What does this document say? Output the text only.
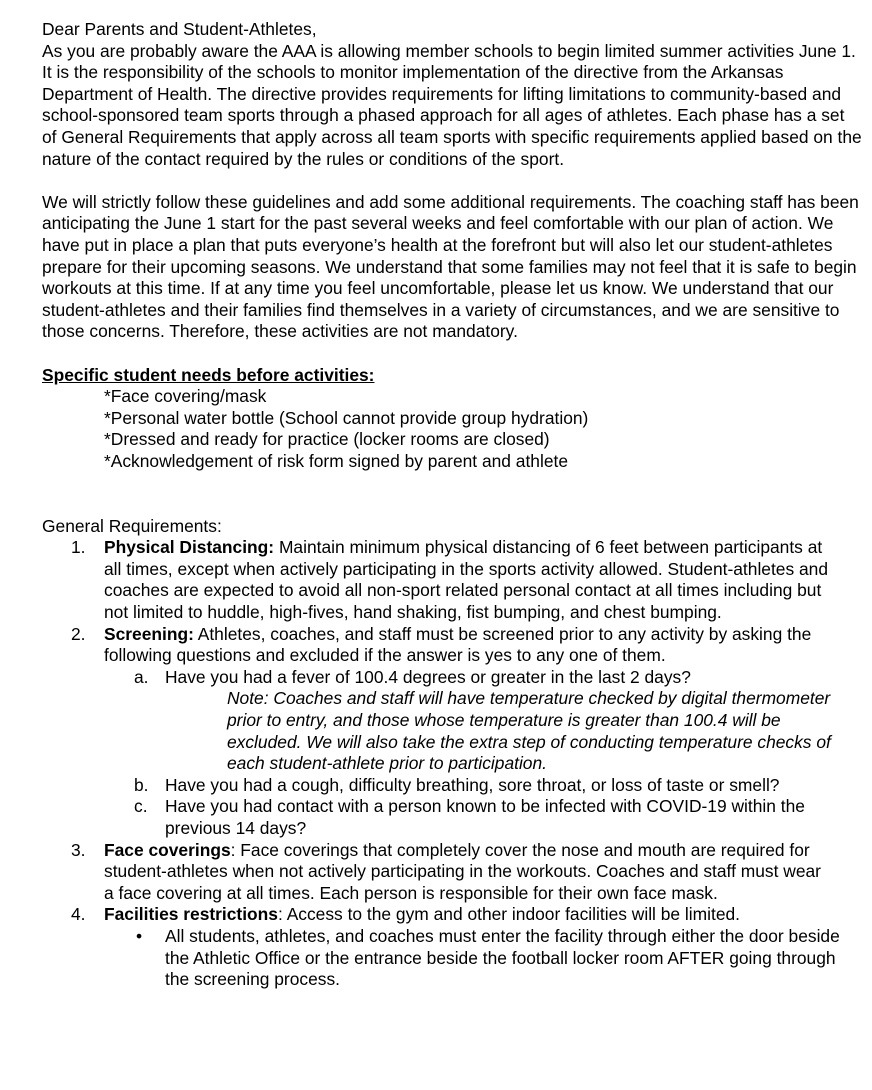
Dear Parents and Student-Athletes,

As you are probably aware the AAA is allowing member schools to begin limited summer activities June 1. It is the responsibility of the schools to monitor implementation of the directive from the Arkansas Department of Health. The directive provides requirements for lifting limitations to community-based and school-sponsored team sports through a phased approach for all ages of athletes. Each phase has a set of General Requirements that apply across all team sports with specific requirements applied based on the nature of the contact required by the rules or conditions of the sport.

We will strictly follow these guidelines and add some additional requirements. The coaching staff has been anticipating the June 1 start for the past several weeks and feel comfortable with our plan of action. We have put in place a plan that puts everyone’s health at the forefront but will also let our student-athletes prepare for their upcoming seasons. We understand that some families may not feel that it is safe to begin workouts at this time. If at any time you feel uncomfortable, please let us know. We understand that our student-athletes and their families find themselves in a variety of circumstances, and we are sensitive to those concerns. Therefore, these activities are not mandatory.

Specific student needs before activities:

*Face covering/mask

*Personal water bottle (School cannot provide group hydration)

*Dressed and ready for practice (locker rooms are closed)

*Acknowledgement of risk form signed by parent and athlete

General Requirements:

1. Physical Distancing: Maintain minimum physical distancing of 6 feet between participants at all times, except when actively participating in the sports activity allowed. Student-athletes and coaches are expected to avoid all non-sport related personal contact at all times including but not limited to huddle, high-fives, hand shaking, fist bumping, and chest bumping.
2. Screening: Athletes, coaches, and staff must be screened prior to any activity by asking the following questions and excluded if the answer is yes to any one of them.
a. Have you had a fever of 100.4 degrees or greater in the last 2 days?
Note: Coaches and staff will have temperature checked by digital thermometer prior to entry, and those whose temperature is greater than 100.4 will be excluded. We will also take the extra step of conducting temperature checks of each student-athlete prior to participation.
b. Have you had a cough, difficulty breathing, sore throat, or loss of taste or smell?
c. Have you had contact with a person known to be infected with COVID-19 within the previous 14 days?
3. Face coverings: Face coverings that completely cover the nose and mouth are required for student-athletes when not actively participating in the workouts. Coaches and staff must wear a face covering at all times. Each person is responsible for their own face mask.
4. Facilities restrictions: Access to the gym and other indoor facilities will be limited.
• All students, athletes, and coaches must enter the facility through either the door beside the Athletic Office or the entrance beside the football locker room AFTER going through the screening process.
